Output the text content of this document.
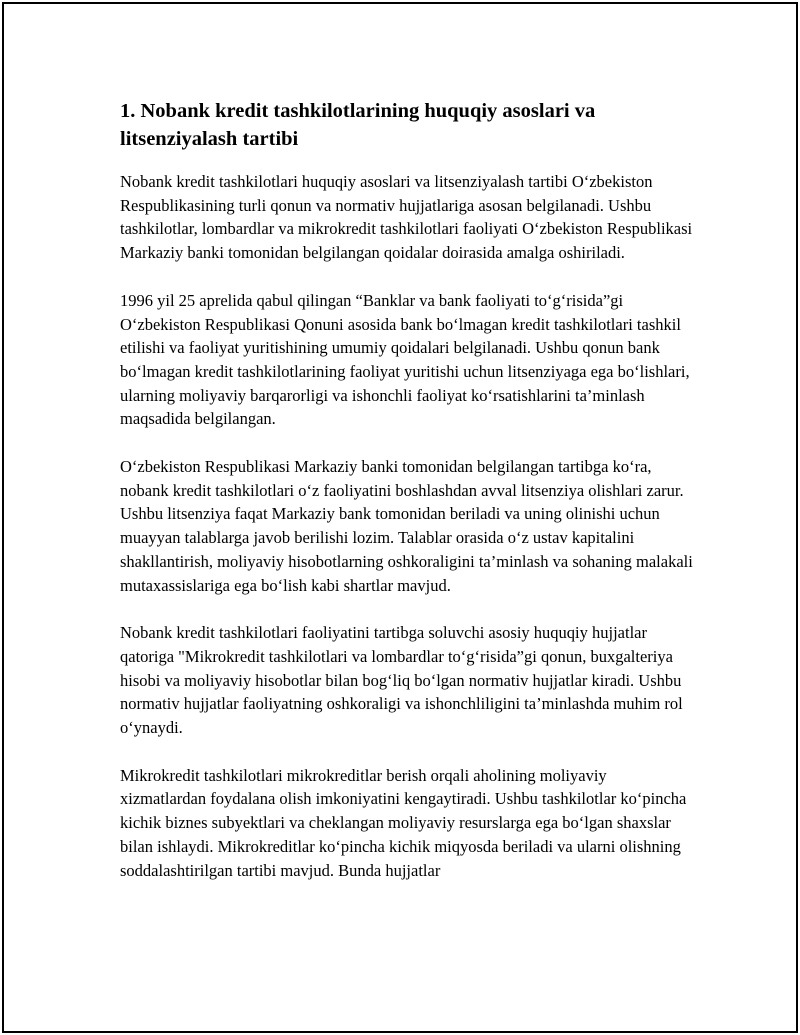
1. Nobank kredit tashkilotlarining huquqiy asoslari va litsenziyalash tartibi

Nobank kredit tashkilotlari huquqiy asoslari va litsenziyalash tartibi O‘zbekiston Respublikasining turli qonun va normativ hujjatlariga asosan belgilanadi. Ushbu tashkilotlar, lombardlar va mikrokredit tashkilotlari faoliyati O‘zbekiston Respublikasi Markaziy banki tomonidan belgilangan qoidalar doirasida amalga oshiriladi.

1996 yil 25 aprelida qabul qilingan “Banklar va bank faoliyati to‘g‘risida”gi O‘zbekiston Respublikasi Qonuni asosida bank bo‘lmagan kredit tashkilotlari tashkil etilishi va faoliyat yuritishining umumiy qoidalari belgilanadi. Ushbu qonun bank bo‘lmagan kredit tashkilotlarining faoliyat yuritishi uchun litsenziyaga ega bo‘lishlari, ularning moliyaviy barqarorligi va ishonchli faoliyat ko‘rsatishlarini ta’minlash maqsadida belgilangan.

O‘zbekiston Respublikasi Markaziy banki tomonidan belgilangan tartibga ko‘ra, nobank kredit tashkilotlari o‘z faoliyatini boshlashdan avval litsenziya olishlari zarur. Ushbu litsenziya faqat Markaziy bank tomonidan beriladi va uning olinishi uchun muayyan talablarga javob berilishi lozim. Talablar orasida o‘z ustav kapitalini shakllantirish, moliyaviy hisobotlarning oshkoraligini ta’minlash va sohaning malakali mutaxassislariga ega bo‘lish kabi shartlar mavjud.

Nobank kredit tashkilotlari faoliyatini tartibga soluvchi asosiy huquqiy hujjatlar qatoriga "Mikrokredit tashkilotlari va lombardlar to‘g‘risida”gi qonun, buxgalteriya hisobi va moliyaviy hisobotlar bilan bog‘liq bo‘lgan normativ hujjatlar kiradi. Ushbu normativ hujjatlar faoliyatning oshkoraligi va ishonchliligini ta’minlashda muhim rol o‘ynaydi.

Mikrokredit tashkilotlari mikrokreditlar berish orqali aholining moliyaviy xizmatlardan foydalana olish imkoniyatini kengaytiradi. Ushbu tashkilotlar ko‘pincha kichik biznes subyektlari va cheklangan moliyaviy resurslarga ega bo‘lgan shaxslar bilan ishlaydi. Mikrokreditlar ko‘pincha kichik miqyosda beriladi va ularni olishning soddalashtirilgan tartibi mavjud. Bunda hujjatlar
